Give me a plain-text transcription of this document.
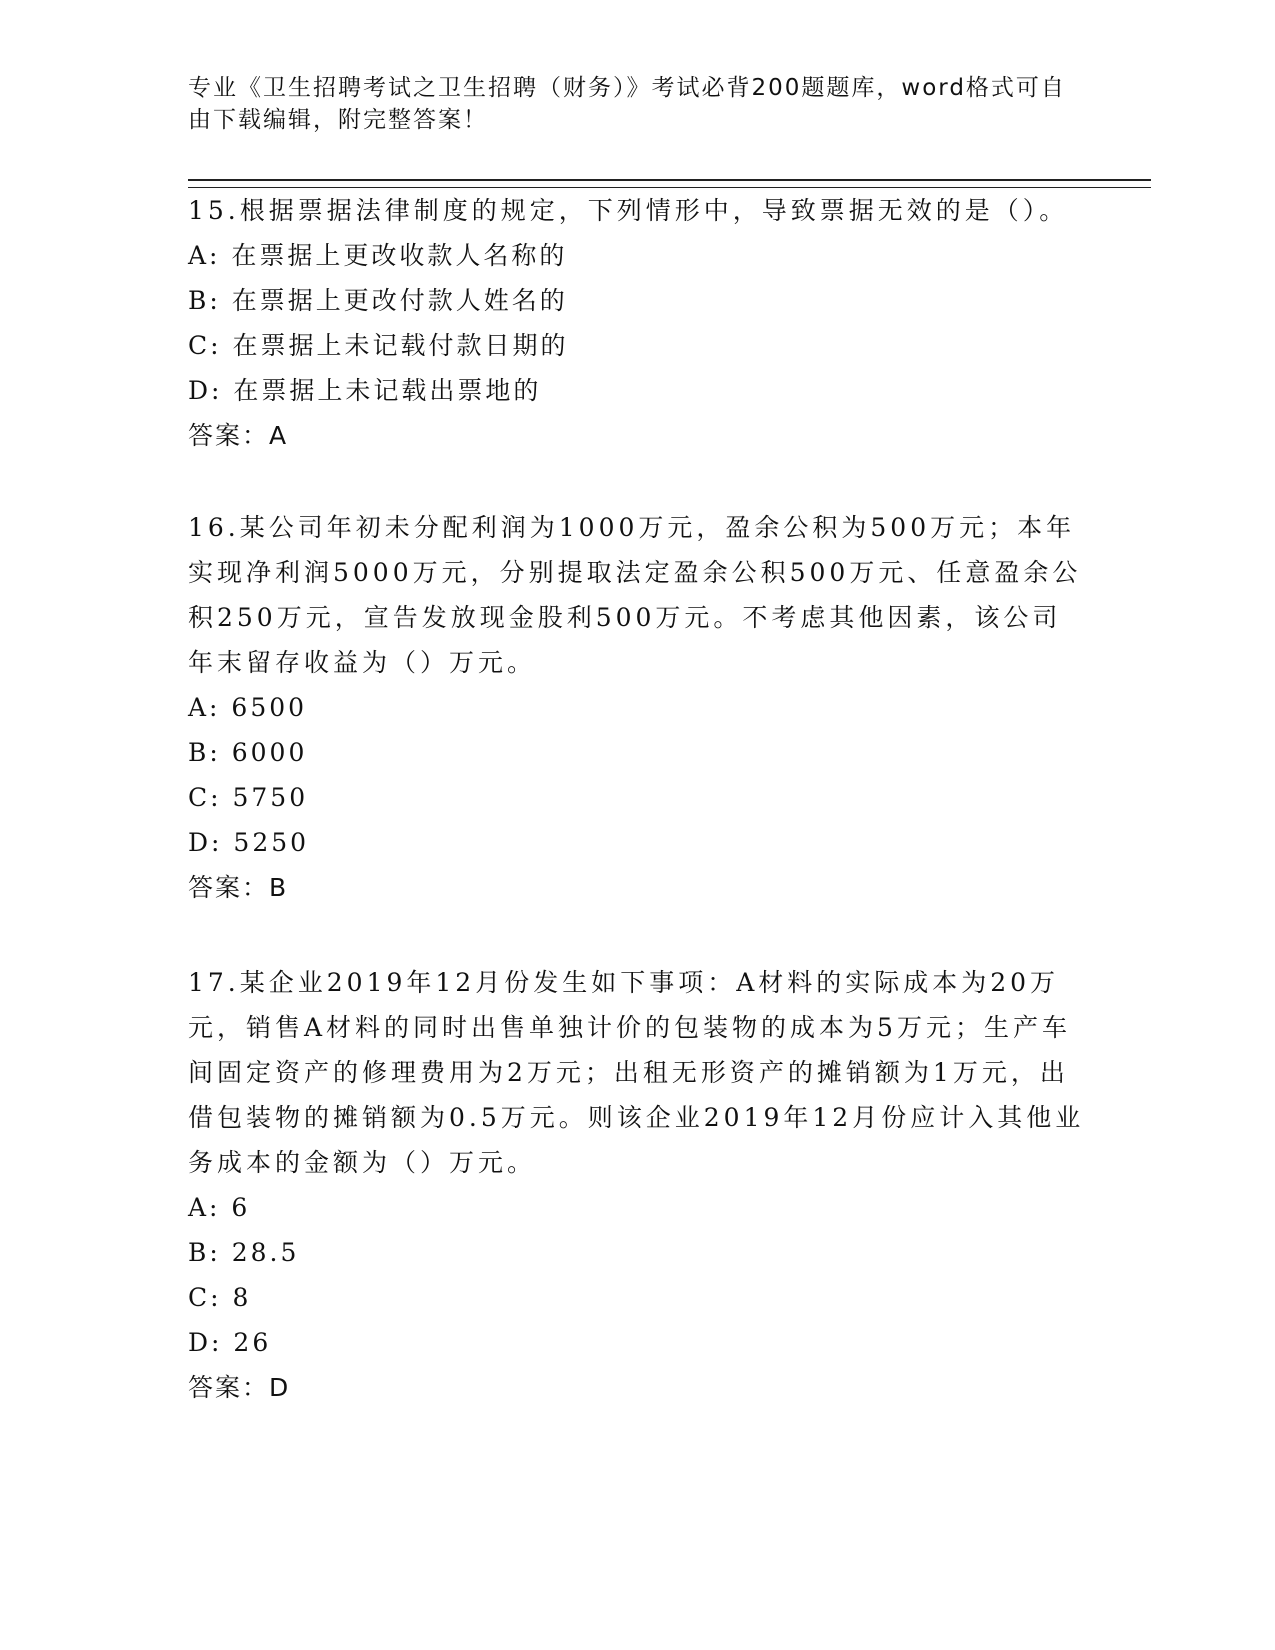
专业《卫生招聘考试之卫生招聘（财务）》考试必背200题题库，word格式可自由下载编辑，附完整答案！

15.根据票据法律制度的规定，下列情形中，导致票据无效的是（）。

A: 在票据上更改收款人名称的

B: 在票据上更改付款人姓名的

C: 在票据上未记载付款日期的

D: 在票据上未记载出票地的

答案：A

16.某公司年初未分配利润为1000万元，盈余公积为500万元；本年实现净利润5000万元，分别提取法定盈余公积500万元、任意盈余公积250万元，宣告发放现金股利500万元。不考虑其他因素，该公司年末留存收益为（）万元。

A: 6500

B: 6000

C: 5750

D: 5250

答案：B

17.某企业2019年12月份发生如下事项：A材料的实际成本为20万元，销售A材料的同时出售单独计价的包装物的成本为5万元；生产车间固定资产的修理费用为2万元；出租无形资产的摊销额为1万元，出借包装物的摊销额为0.5万元。则该企业2019年12月份应计入其他业务成本的金额为（）万元。

A: 6

B: 28.5

C: 8

D: 26

答案：D
